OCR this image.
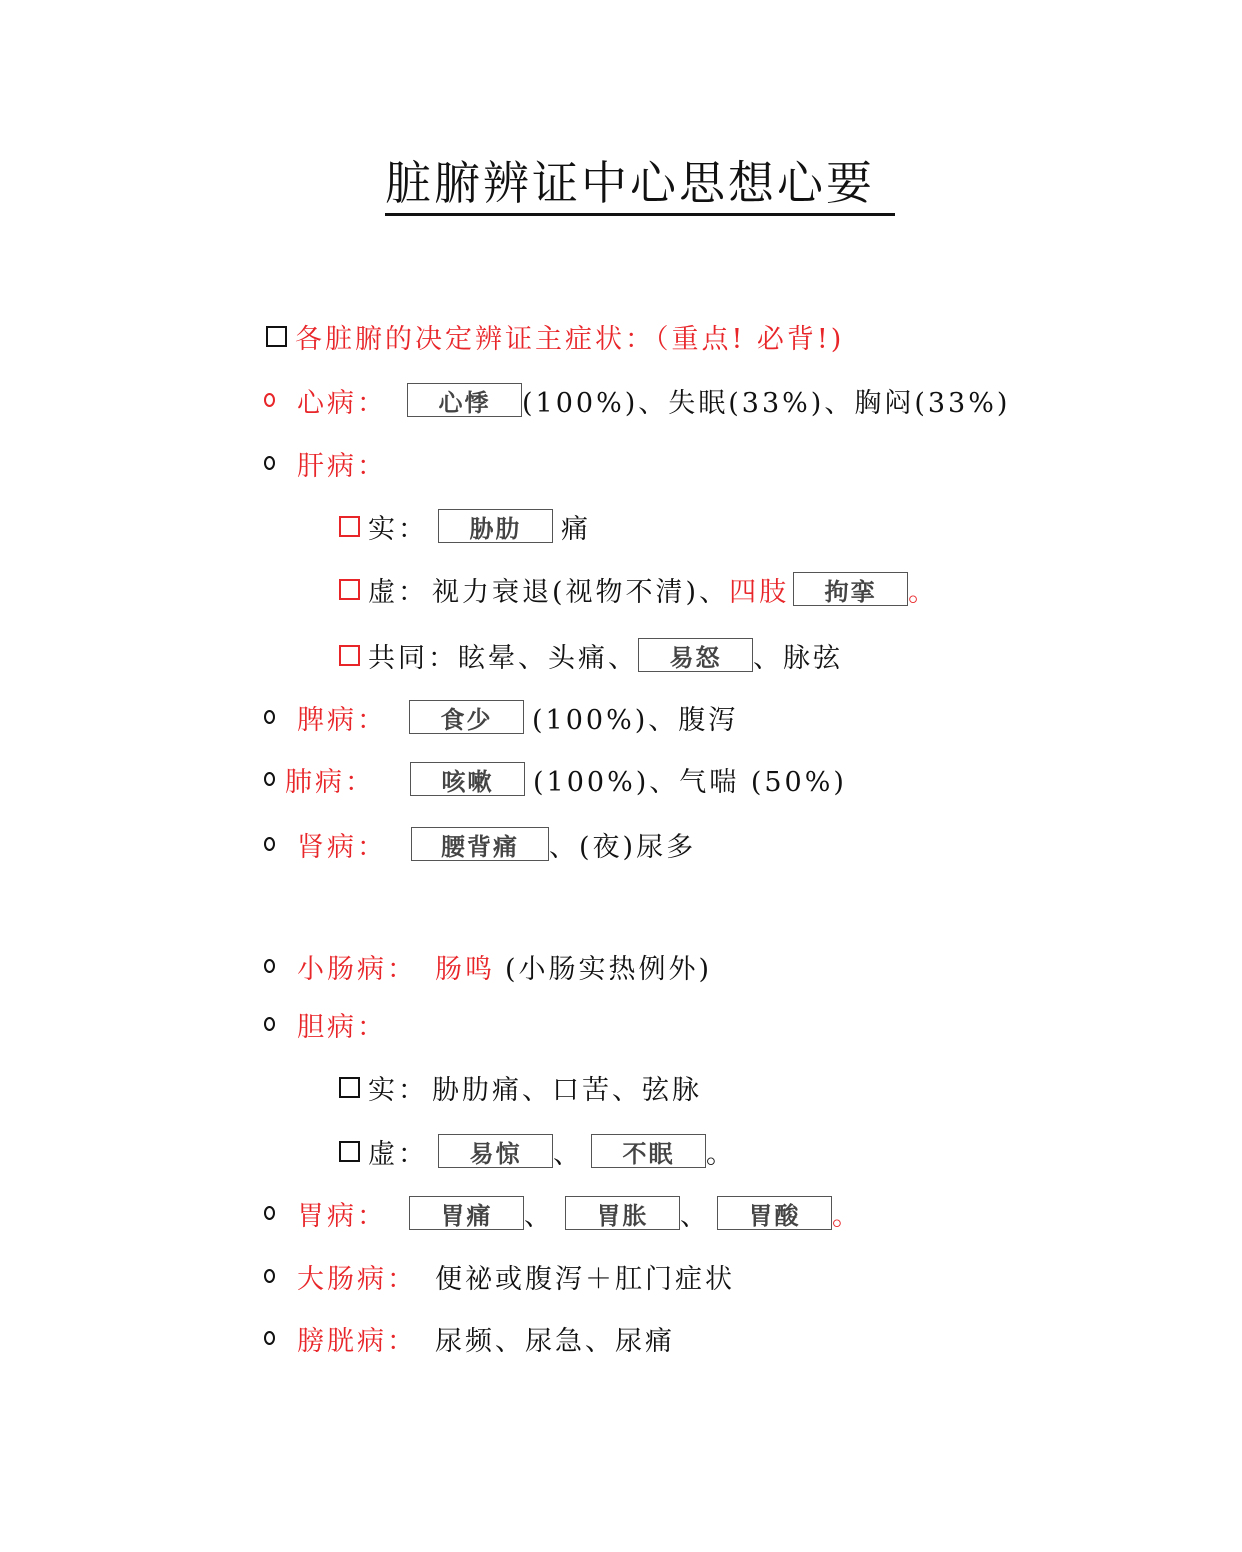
脏腑辨证中心思想心要
各脏腑的决定辨证主症状：（重点! 必背!)
心病：	心悸	(100%)、失眠(33%)、胸闷(33%)
肝病：
实：	胁肋	痛
虚： 视力衰退(视物不清)、 四肢	拘挛	。
共同： 眩晕、头痛、	易怒	、脉弦
脾病：	食少	(100%)、腹泻
肺病：	咳嗽	(100%)、气喘 (50%)
肾病：	腰背痛	、(夜)尿多
小肠病： 肠鸣 (小肠实热例外)
胆病：
实： 胁肋痛、口苦、弦脉
虚：	易惊	、	不眠	。
胃病：	胃痛	、	胃胀	、	胃酸	。
大肠病： 便祕或腹泻＋肛门症状
膀胱病： 尿频、尿急、尿痛
